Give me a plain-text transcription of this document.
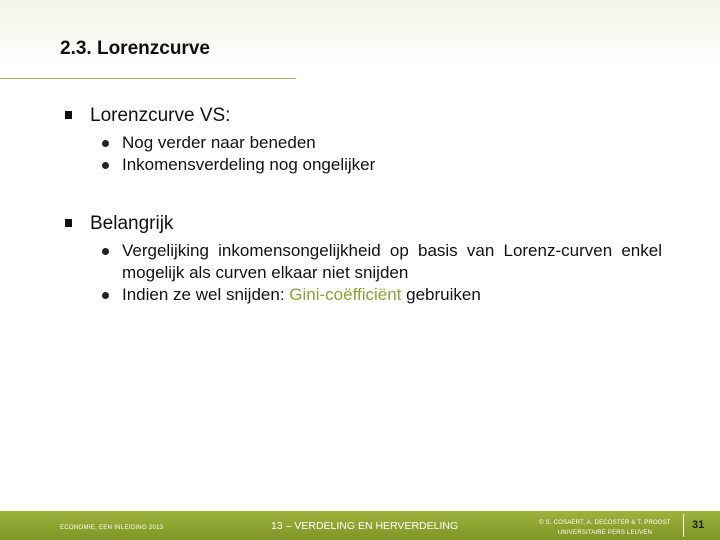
2.3. Lorenzcurve
Lorenzcurve VS:
Nog verder naar beneden
Inkomensverdeling nog ongelijker
Belangrijk
Vergelijking inkomensongelijkheid op basis van Lorenz-curven enkel mogelijk als curven elkaar niet snijden
Indien ze wel snijden: Gini-coëfficiënt gebruiken
ECONOMIE, EEN INLEIDING 2013	13 – VERDELING EN HERVERDELING	© S. COSAERT, A. DECOSTER & T. PROOST
UNIVERSITAIRE PERS LEUVEN
31
